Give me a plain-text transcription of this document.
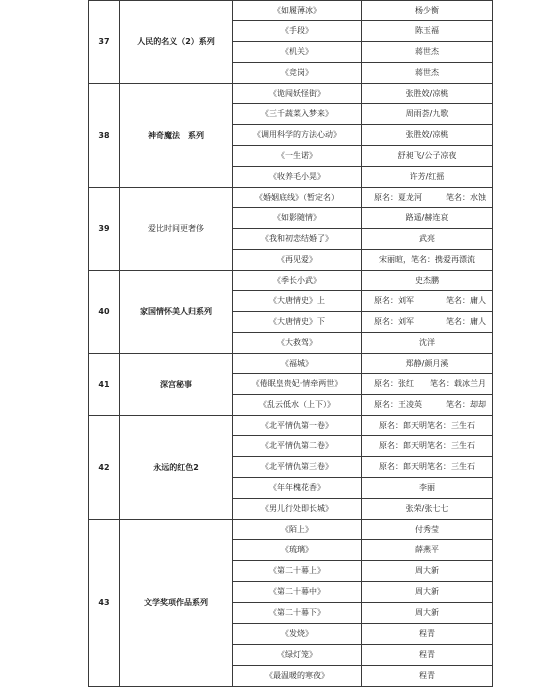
37	人民的名义（2）系列	《如履薄冰》	杨少衡
		《手段》	陈玉福
		《机关》	蒋世杰
		《竞岗》	蒋世杰
38	神奇魔法　系列	《诡闯妖怪街》	张胜姣/凉桃
		《三千蔬菜入梦来》	周雨荟/九歌
		《调用科学的方法心动》	张胜姣/凉桃
		《一生诺》	舒昶飞/公子凉夜
		《收养毛小晃》	许芳/红摇
39	爱比时间更奢侈	《婚姻底线》（暂定名）	原名：夏龙河 笔名：水蚀

		《如影随情》	路遥/赫连哀
		《我和初恋结婚了》	武亮
		《再见爱》	宋丽暄，笔名：携爱再漂流
40	家国情怀美人归系列	《季长小武》	史杰鹏
		《大唐情史》上	原名：刘军 笔名：庸人

		《大唐情史》下	原名：刘军 笔名：庸人

		《大救驾》	沈洋
41	深宫秘事	《福城》	郑静/颜月溪
		《倦眠皇贵妃·情牵两世》	原名：张红 笔名：载冰兰月

		《乱云低水（上下）》	原名：王凌英 笔名：却却

42	永远的红色2	《北平情仇第一卷》	原名：郎天明笔名：三生石
		《北平情仇第二卷》	原名：郎天明笔名：三生石
		《北平情仇第三卷》	原名：郎天明笔名：三生石
		《年年槐花香》	李丽
		《男儿行处即长城》	张荣/张七七
43	文学奖项作品系列	《陌上》	付秀莹
		《琉璃》	薛燕平
		《第二十幕上》	周大新
		《第二十幕中》	周大新
		《第二十幕下》	周大新
		《发烧》	程青
		《绿灯笼》	程青
		《最温暖的寒夜》	程青
